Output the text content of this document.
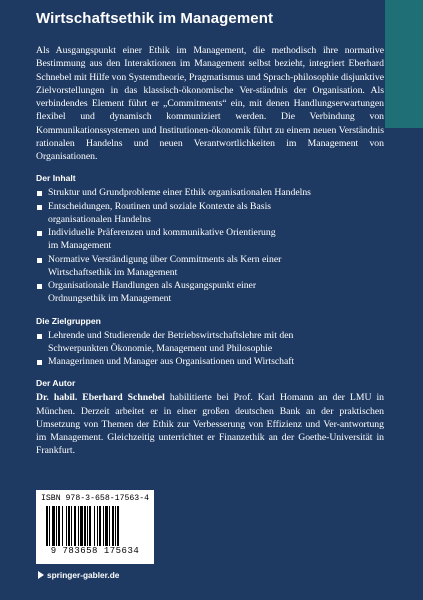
Wirtschaftsethik im Management

Als Ausgangspunkt einer Ethik im Management, die methodisch ihre normative Bestimmung aus den Interaktionen im Management selbst bezieht, integriert Eberhard Schnebel mit Hilfe von Systemtheorie, Pragmatismus und Sprach-philosophie disjunktive Zielvorstellungen in das klassisch-ökonomische Ver-ständnis der Organisation. Als verbindendes Element führt er „Commitments“ ein, mit denen Handlungserwartungen flexibel und dynamisch kommuniziert werden. Die Verbindung von Kommunikationssystemen und Institutionen-ökonomik führt zu einem neuen Verständnis rationalen Handelns und neuen Verantwortlichkeiten im Management von Organisationen.

Der Inhalt
Struktur und Grundprobleme einer Ethik organisationalen Handelns
Entscheidungen, Routinen und soziale Kontexte als Basis
organisationalen Handelns
Individuelle Präferenzen und kommunikative Orientierung
im Management
Normative Verständigung über Commitments als Kern einer
Wirtschaftsethik im Management
Organisationale Handlungen als Ausgangspunkt einer
Ordnungsethik im Management
Die Zielgruppen
Lehrende und Studierende der Betriebswirtschaftslehre mit den
Schwerpunkten Ökonomie, Management und Philosophie
Managerinnen und Manager aus Organisationen und Wirtschaft
Der Autor

Dr. habil. Eberhard Schnebel habilitierte bei Prof. Karl Homann an der LMU in München. Derzeit arbeitet er in einer großen deutschen Bank an der praktischen Umsetzung von Themen der Ethik zur Verbesserung von Effizienz und Ver-antwortung im Management. Gleichzeitig unterrichtet er Finanzethik an der Goethe-Universität in Frankfurt.

ISBN 978-3-658-17563-4
9 783658 175634
springer-gabler.de
